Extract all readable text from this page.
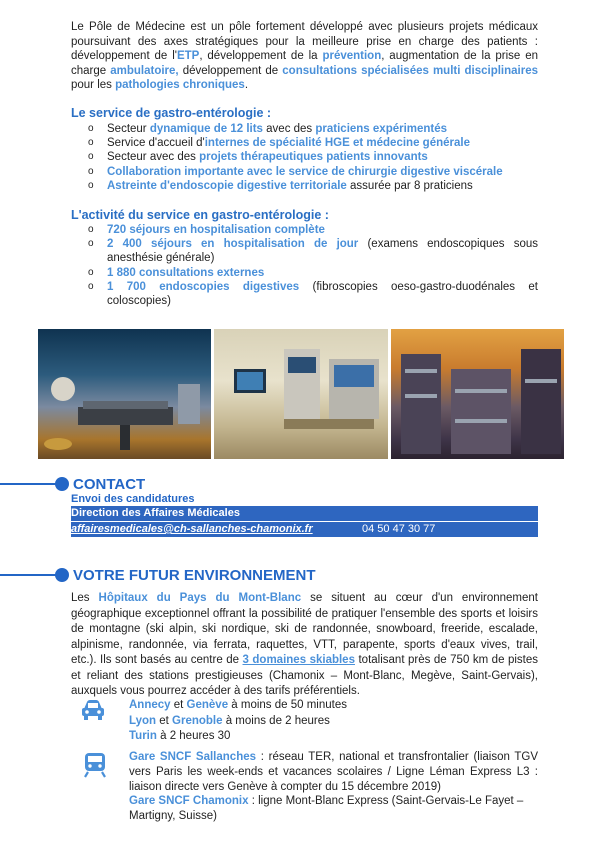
Le Pôle de Médecine est un pôle fortement développé avec plusieurs projets médicaux poursuivant des axes stratégiques pour la meilleure prise en charge des patients : développement de l'ETP, développement de la prévention, augmentation de la prise en charge ambulatoire, développement de consultations spécialisées multi disciplinaires pour les pathologies chroniques.
Le service de gastro-entérologie :
o Secteur dynamique de 12 lits avec des praticiens expérimentés
o Service d'accueil d'internes de spécialité HGE et médecine générale
o Secteur avec des projets thérapeutiques patients innovants
o Collaboration importante avec le service de chirurgie digestive viscérale
o Astreinte d'endoscopie digestive territoriale assurée par 8 praticiens
L'activité du service en gastro-entérologie :
o 720 séjours en hospitalisation complète
o 2 400 séjours en hospitalisation de jour (examens endoscopiques sous anesthésie générale)
o 1 880 consultations externes
o 1 700 endoscopies digestives (fibroscopies oeso-gastro-duodénales et coloscopies)
CONTACT
Envoi des candidatures
Direction des Affaires Médicales
affairesmedicales@ch-sallanches-chamonix.fr	04 50 47 30 77
VOTRE FUTUR ENVIRONNEMENT
Les Hôpitaux du Pays du Mont-Blanc se situent au cœur d'un environnement géographique exceptionnel offrant la possibilité de pratiquer l'ensemble des sports et loisirs de montagne (ski alpin, ski nordique, ski de randonnée, snowboard, freeride, escalade, alpinisme, randonnée, via ferrata, raquettes, VTT, parapente, sports d'eaux vives, trail, etc.). Ils sont basés au centre de 3 domaines skiables totalisant près de 750 km de pistes et reliant des stations prestigieuses (Chamonix – Mont-Blanc, Megève, Saint-Gervais), auxquels vous pourrez accéder à des tarifs préférentiels.
Annecy et Genève à moins de 50 minutes
Lyon et Grenoble à moins de 2 heures
Turin à 2 heures 30
Gare SNCF Sallanches : réseau TER, national et transfrontalier (liaison TGV vers Paris les week-ends et vacances scolaires / Ligne Léman Express L3 : liaison directe vers Genève à compter du 15 décembre 2019)
Gare SNCF Chamonix : ligne Mont-Blanc Express (Saint-Gervais-Le Fayet – Martigny, Suisse)
